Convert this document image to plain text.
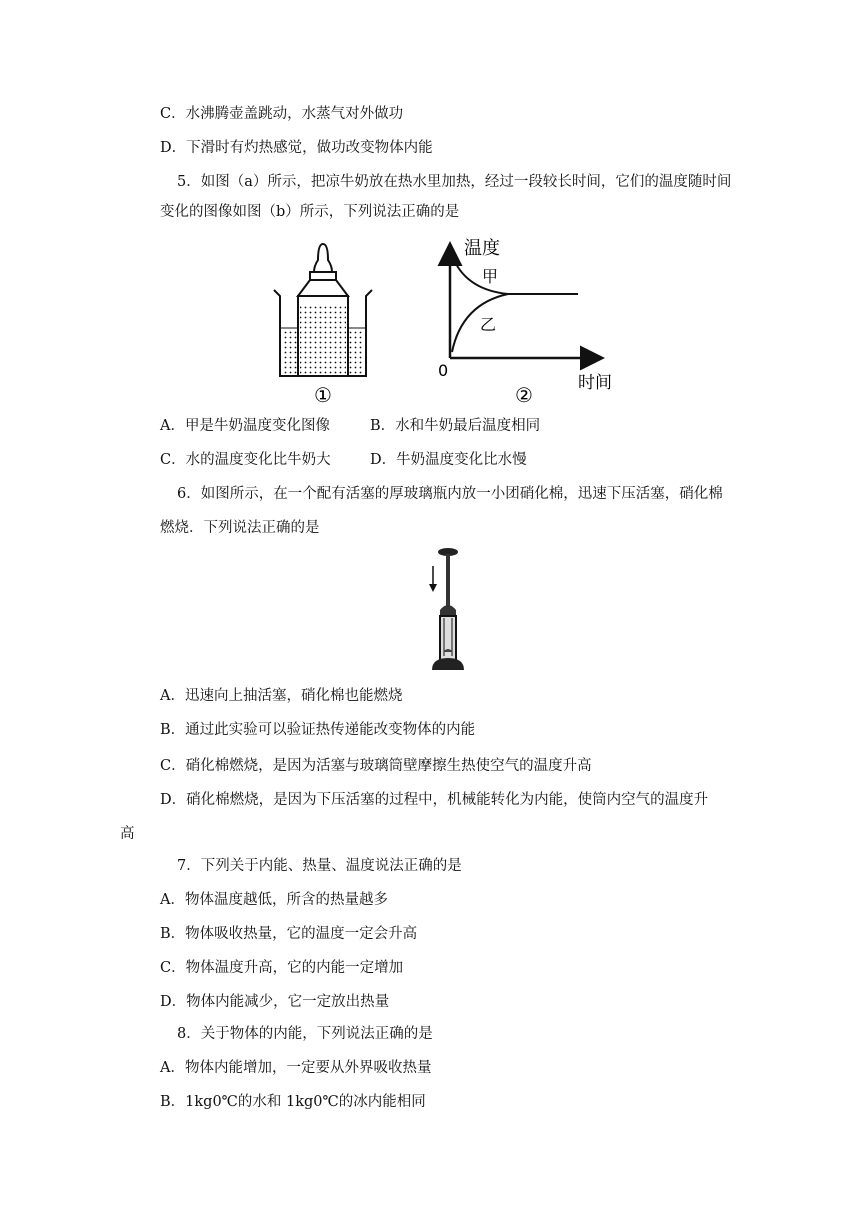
C．水沸腾壶盖跳动，水蒸气对外做功
D．下滑时有灼热感觉，做功改变物体内能
5．如图（a）所示，把凉牛奶放在热水里加热，经过一段较长时间，它们的温度随时间
变化的图像如图（b）所示，下列说法正确的是
①
温度
甲
乙
0
时间
②
A．甲是牛奶温度变化图像	B．水和牛奶最后温度相同
C．水的温度变化比牛奶大	D．牛奶温度变化比水慢
6．如图所示，在一个配有活塞的厚玻璃瓶内放一小团硝化棉，迅速下压活塞，硝化棉
燃烧．下列说法正确的是
A．迅速向上抽活塞，硝化棉也能燃烧
B．通过此实验可以验证热传递能改变物体的内能
C．硝化棉燃烧，是因为活塞与玻璃筒壁摩擦生热使空气的温度升高
D．硝化棉燃烧，是因为下压活塞的过程中，机械能转化为内能，使筒内空气的温度升
高
7．下列关于内能、热量、温度说法正确的是
A．物体温度越低，所含的热量越多
B．物体吸收热量，它的温度一定会升高
C．物体温度升高，它的内能一定增加
D．物体内能减少，它一定放出热量
8．关于物体的内能，下列说法正确的是
A．物体内能增加，一定要从外界吸收热量
B．1kg0℃的水和 1kg0℃的冰内能相同
